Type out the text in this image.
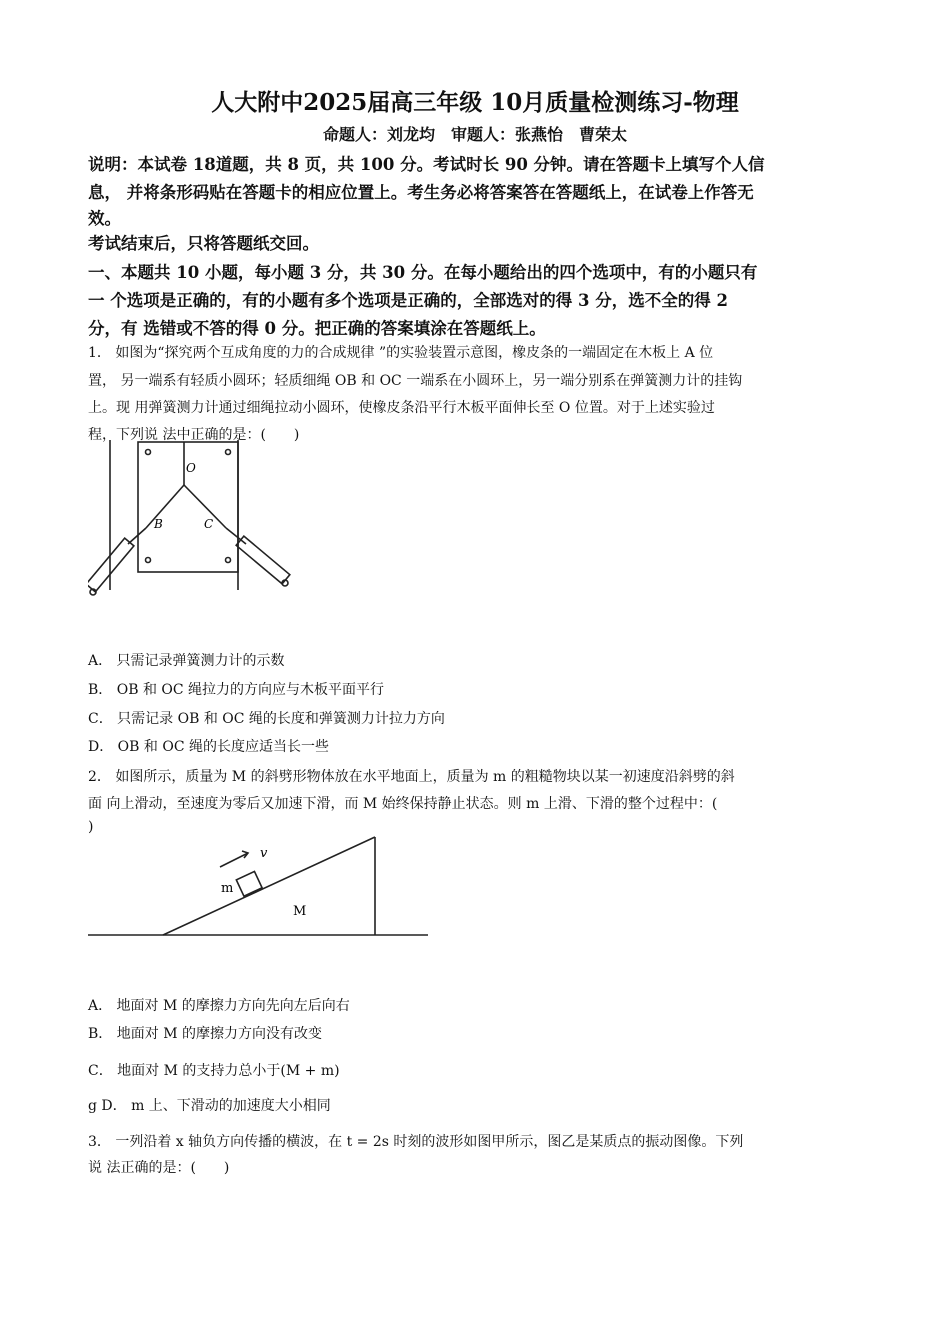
人大附中2025届高三年级 10月质量检测练习-物理
命题人：刘龙均　审题人：张燕怡　曹荣太
说明：本试卷 18道题，共 8 页，共 100 分。考试时长 90 分钟。请在答题卡上填写个人信
息， 并将条形码贴在答题卡的相应位置上。考生务必将答案答在答题纸上，在试卷上作答无
效。
考试结束后，只将答题纸交回。
一、本题共 10 小题，每小题 3 分，共 30 分。在每小题给出的四个选项中，有的小题只有
一 个选项是正确的，有的小题有多个选项是正确的，全部选对的得 3 分，选不全的得 2
分，有 选错或不答的得 0 分。把正确的答案填涂在答题纸上。
1． 如图为“探究两个互成角度的力的合成规律 ”的实验装置示意图，橡皮条的一端固定在木板上 A 位
置， 另一端系有轻质小圆环；轻质细绳 OB 和 OC 一端系在小圆环上，另一端分别系在弹簧测力计的挂钩
上。现 用弹簧测力计通过细绳拉动小圆环，使橡皮条沿平行木板平面伸长至 O 位置。对于上述实验过
程，下列说 法中正确的是：(　　)
O
B	C
A． 只需记录弹簧测力计的示数
B． OB 和 OC 绳拉力的方向应与木板平面平行
C． 只需记录 OB 和 OC 绳的长度和弹簧测力计拉力方向
D． OB 和 OC 绳的长度应适当长一些
2． 如图所示，质量为 M 的斜劈形物体放在水平地面上，质量为 m 的粗糙物块以某一初速度沿斜劈的斜
面 向上滑动，至速度为零后又加速下滑，而 M 始终保持静止状态。则 m 上滑、下滑的整个过程中：(
)
v
m
M
A． 地面对 M 的摩擦力方向先向左后向右
B． 地面对 M 的摩擦力方向没有改变
C． 地面对 M 的支持力总小于(M + m)
g D． m 上、下滑动的加速度大小相同
3． 一列沿着 x 轴负方向传播的横波，在 t = 2s 时刻的波形如图甲所示，图乙是某质点的振动图像。下列
说 法正确的是：(　　)
